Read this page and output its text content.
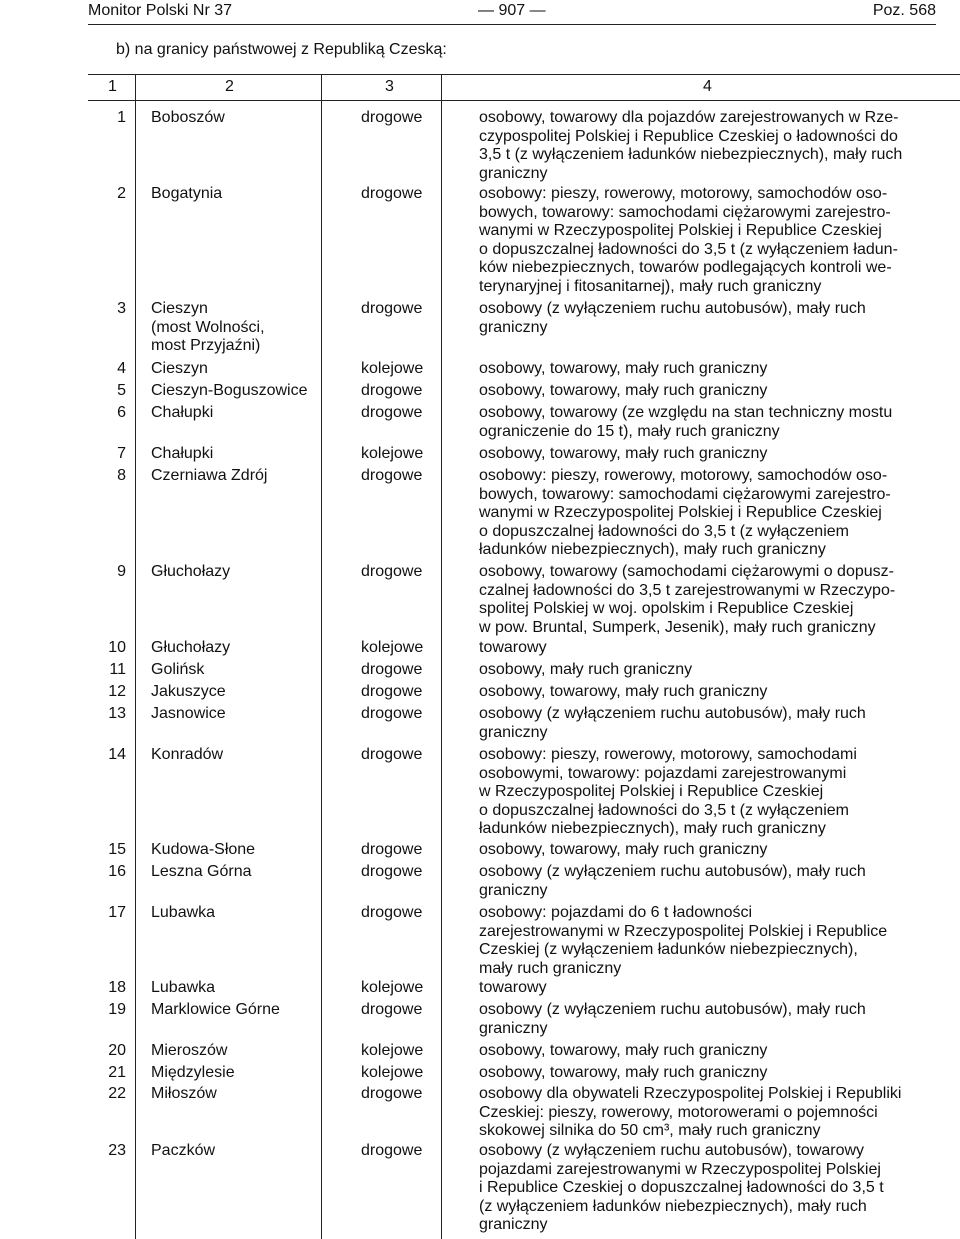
Monitor Polski Nr 37	— 907 —	Poz. 568
b) na granicy państwowej z Republiką Czeską:
1	2	3	4
1 Boboszów	drogowe	osobowy, towarowy dla pojazdów zarejestrowanych w Rze-
czypospolitej Polskiej i Republice Czeskiej o ładowności do
3,5 t (z wyłączeniem ładunków niebezpiecznych), mały ruch
graniczny
2 Bogatynia	drogowe	osobowy: pieszy, rowerowy, motorowy, samochodów oso-
bowych, towarowy: samochodami ciężarowymi zarejestro-
wanymi w Rzeczypospolitej Polskiej i Republice Czeskiej
o dopuszczalnej ładowności do 3,5 t (z wyłączeniem ładun-
ków niebezpiecznych, towarów podlegających kontroli we-
terynaryjnej i fitosanitarnej), mały ruch graniczny
3 Cieszyn
(most Wolności,
most Przyjaźni)
drogowe	osobowy (z wyłączeniem ruchu autobusów), mały ruch
graniczny
4 Cieszyn	kolejowe	osobowy, towarowy, mały ruch graniczny
5 Cieszyn-Boguszowice	drogowe	osobowy, towarowy, mały ruch graniczny
6 Chałupki	drogowe	osobowy, towarowy (ze względu na stan techniczny mostu
ograniczenie do 15 t), mały ruch graniczny
7 Chałupki	kolejowe	osobowy, towarowy, mały ruch graniczny
8 Czerniawa Zdrój	drogowe	osobowy: pieszy, rowerowy, motorowy, samochodów oso-
bowych, towarowy: samochodami ciężarowymi zarejestro-
wanymi w Rzeczypospolitej Polskiej i Republice Czeskiej
o dopuszczalnej ładowności do 3,5 t (z wyłączeniem
ładunków niebezpiecznych), mały ruch graniczny
9 Głuchołazy	drogowe	osobowy, towarowy (samochodami ciężarowymi o dopusz-
czalnej ładowności do 3,5 t zarejestrowanymi w Rzeczypo-
spolitej Polskiej w woj. opolskim i Republice Czeskiej
w pow. Bruntal, Sumperk, Jesenik), mały ruch graniczny
10 Głuchołazy	kolejowe	towarowy
11 Golińsk	drogowe	osobowy, mały ruch graniczny
12 Jakuszyce	drogowe	osobowy, towarowy, mały ruch graniczny
13 Jasnowice	drogowe	osobowy (z wyłączeniem ruchu autobusów), mały ruch
graniczny
14 Konradów	drogowe	osobowy: pieszy, rowerowy, motorowy, samochodami
osobowymi, towarowy: pojazdami zarejestrowanymi
w Rzeczypospolitej Polskiej i Republice Czeskiej
o dopuszczalnej ładowności do 3,5 t (z wyłączeniem
ładunków niebezpiecznych), mały ruch graniczny
15 Kudowa-Słone	drogowe	osobowy, towarowy, mały ruch graniczny
16 Leszna Górna	drogowe	osobowy (z wyłączeniem ruchu autobusów), mały ruch
graniczny
17 Lubawka	drogowe	osobowy: pojazdami do 6 t ładowności
zarejestrowanymi w Rzeczypospolitej Polskiej i Republice
Czeskiej (z wyłączeniem ładunków niebezpiecznych),
mały ruch graniczny
18 Lubawka	kolejowe	towarowy
19 Marklowice Górne	drogowe	osobowy (z wyłączeniem ruchu autobusów), mały ruch
graniczny
20 Mieroszów	kolejowe	osobowy, towarowy, mały ruch graniczny
21 Międzylesie	kolejowe	osobowy, towarowy, mały ruch graniczny
22 Miłoszów	drogowe	osobowy dla obywateli Rzeczypospolitej Polskiej i Republiki
Czeskiej: pieszy, rowerowy, motorowerami o pojemności
skokowej silnika do 50 cm³, mały ruch graniczny
23 Paczków	drogowe	osobowy (z wyłączeniem ruchu autobusów), towarowy
pojazdami zarejestrowanymi w Rzeczypospolitej Polskiej
i Republice Czeskiej o dopuszczalnej ładowności do 3,5 t
(z wyłączeniem ładunków niebezpiecznych), mały ruch
graniczny
